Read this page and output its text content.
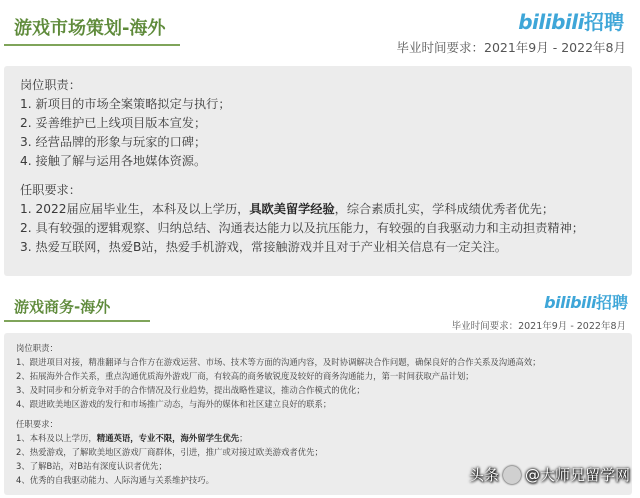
游戏市场策划-海外	bilibili 招聘
毕业时间要求：2021年9月 - 2022年8月
岗位职责：
1. 新项目的市场全案策略拟定与执行；
2. 妥善维护已上线项目版本宣发；
3. 经营品牌的形象与玩家的口碑；
4. 接触了解与运用各地媒体资源。
任职要求：
1. 2022届应届毕业生，本科及以上学历，具欧美留学经验，综合素质扎实，学科成绩优秀者优先；
2. 具有较强的逻辑观察、归纳总结、沟通表达能力以及抗压能力，有较强的自我驱动力和主动担责精神；
3. 热爱互联网，热爱B站，热爱手机游戏，常接触游戏并且对于产业相关信息有一定关注。
游戏商务-海外	bilibili 招聘
毕业时间要求：2021年9月 - 2022年8月
岗位职责：
1、跟进项目对接，精准翻译与合作方在游戏运营、市场、技术等方面的沟通内容，及时协调解决合作问题，确保良好的合作关系及沟通高效；
2、拓展海外合作关系，重点沟通优质海外游戏厂商，有较高的商务敏锐度及较好的商务沟通能力，第一时间获取产品计划；
3、及时同步和分析竞争对手的合作情况及行业趋势，提出战略性建议，推动合作模式的优化；
4、跟进欧美地区游戏的发行和市场推广动态，与海外的媒体和社区建立良好的联系；
任职要求：
1、本科及以上学历，精通英语，专业不限，海外留学生优先；
2、热爱游戏，了解欧美地区游戏厂商群体，引进，推广或对接过欧美游戏者优先；
3、了解B站，对B站有深度认识者优先；
4、优秀的自我驱动能力、人际沟通与关系维护技巧。	头条 @大师兄留学网
